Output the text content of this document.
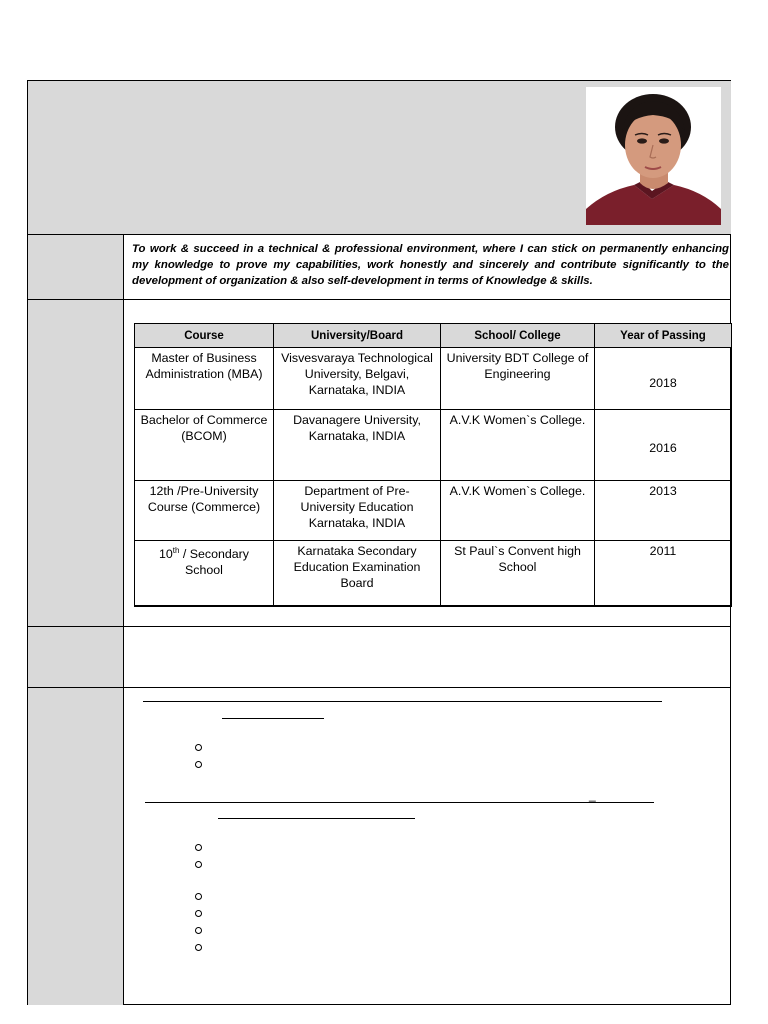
To work & succeed in a technical & professional environment, where I can stick on permanently enhancing my knowledge to prove my capabilities, work honestly and sincerely and contribute significantly to the development of organization & also self-development in terms of Knowledge & skills.
Course	University/Board	School/ College	Year of Passing
Master of Business Administration (MBA)	Visvesvaraya Technological University, Belgavi, Karnataka, INDIA	University BDT College of Engineering	2018
Bachelor of Commerce (BCOM)	Davanagere University, Karnataka, INDIA	A.V.K Women`s College.	2016
12th /Pre-University Course (Commerce)	Department of Pre-University Education Karnataka, INDIA	A.V.K Women`s College.	2013
10th / Secondary School	Karnataka Secondary Education Examination Board	St Paul`s Convent high School	2011
_
